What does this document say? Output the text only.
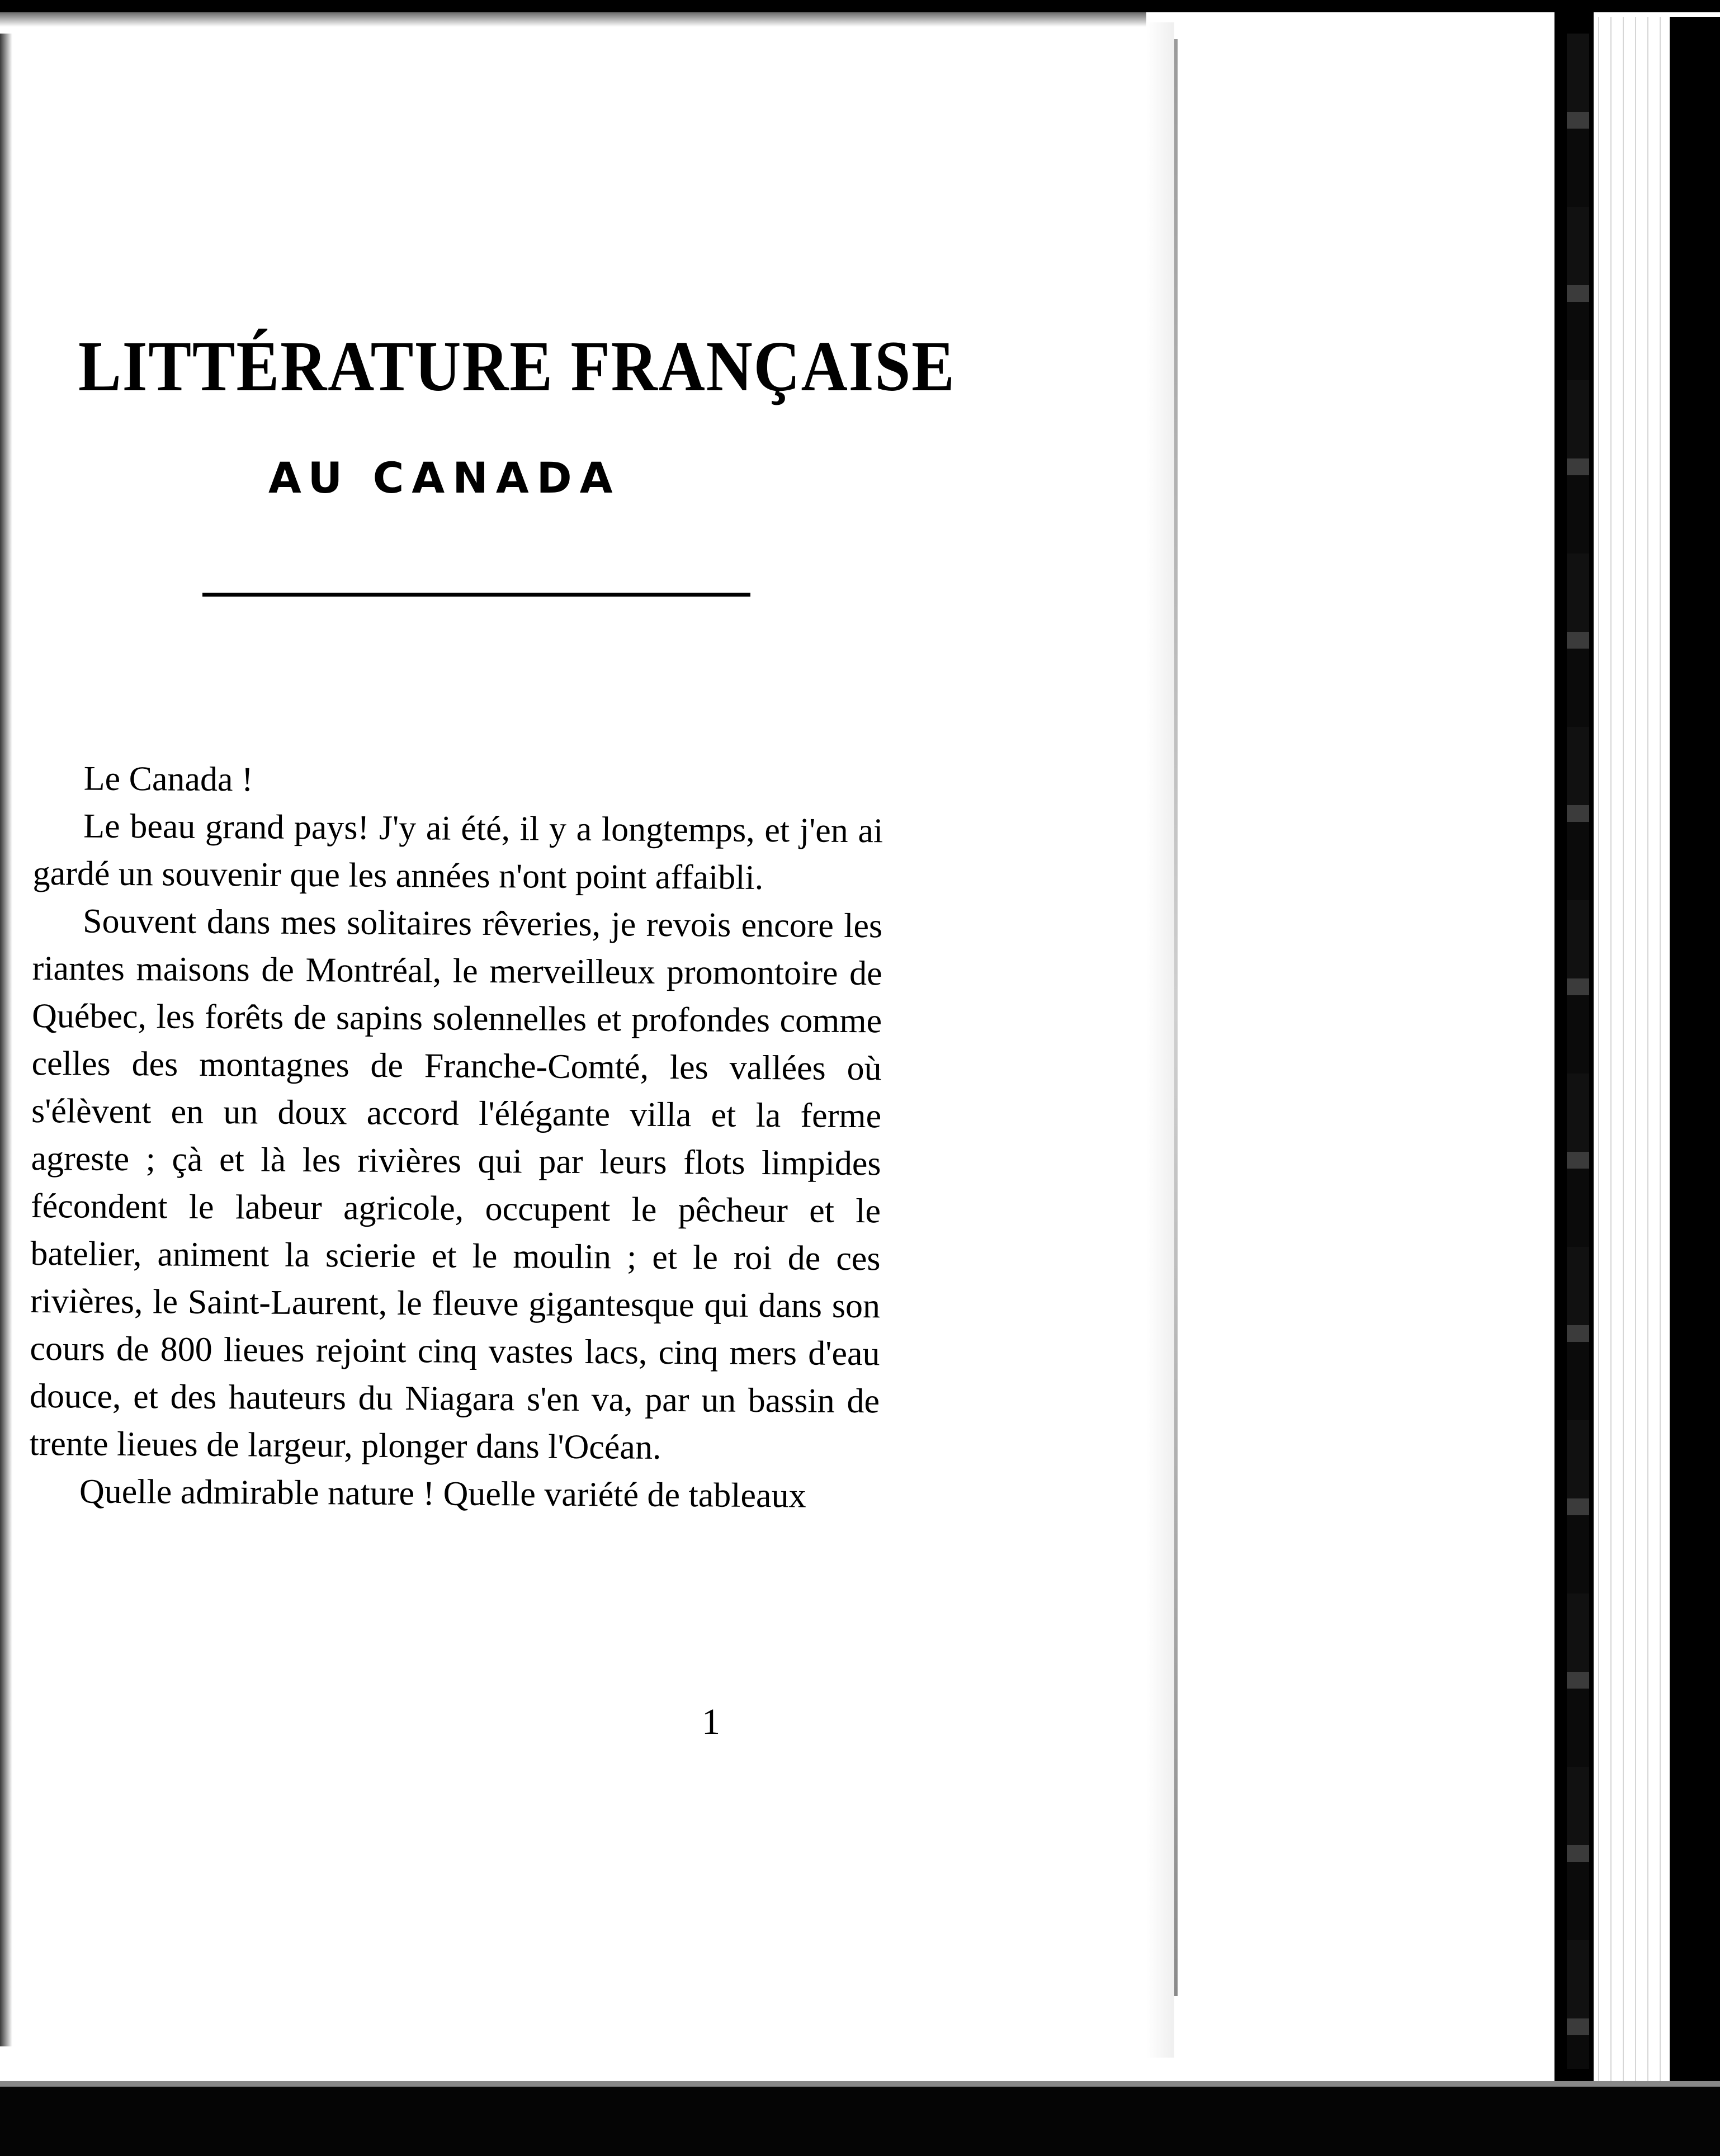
LITTÉRATURE FRANÇAISE
AU CANADA

Le Canada !

Le beau grand pays! J'y ai été, il y a longtemps, et j'en ai gardé un souvenir que les années n'ont point affaibli.

Souvent dans mes solitaires rêveries, je revois encore les riantes maisons de Montréal, le merveilleux promontoire de Québec, les forêts de sapins solennelles et profondes comme celles des montagnes de Franche-Comté, les vallées où s'élèvent en un doux accord l'élégante villa et la ferme agreste ; çà et là les rivières qui par leurs flots limpides fécondent le labeur agricole, occupent le pêcheur et le batelier, animent la scierie et le moulin ; et le roi de ces rivières, le Saint-Laurent, le fleuve gigantesque qui dans son cours de 800 lieues rejoint cinq vastes lacs, cinq mers d'eau douce, et des hauteurs du Niagara s'en va, par un bassin de trente lieues de largeur, plonger dans l'Océan.

Quelle admirable nature ! Quelle variété de tableaux

1
